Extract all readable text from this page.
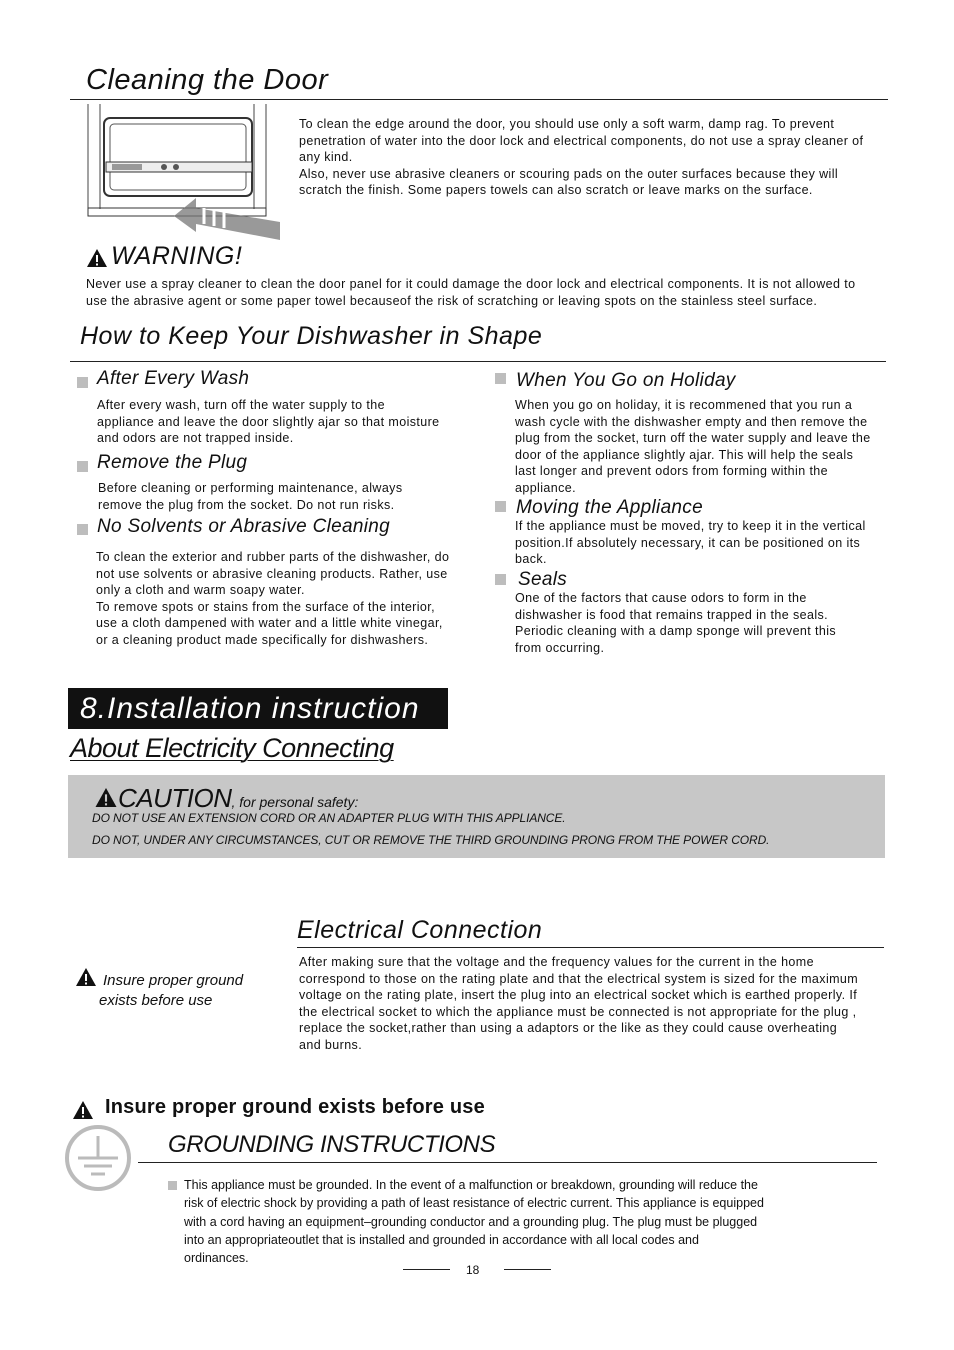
Cleaning the Door

To clean the edge around the door, you should use only a soft warm, damp rag. To prevent penetration of water into the door lock and electrical components, do not use a spray cleaner of any kind.

Also, never use abrasive cleaners or scouring pads on the outer surfaces because they will scratch the finish. Some papers towels can also scratch or leave marks on the surface.

WARNING!
Never use a spray cleaner to clean the door panel for it could damage the door lock and electrical components. It is not allowed to use the abrasive agent or some paper towel becauseof the risk of scratching or leaving spots on the stainless steel surface.
How to Keep Your Dishwasher in Shape
After Every Wash
After every wash, turn off the water supply to the appliance and leave the door slightly ajar so that moisture and odors are not trapped inside.
Remove the Plug
Before cleaning or performing maintenance, always remove the plug from the socket. Do not run risks.
No Solvents or Abrasive Cleaning

To clean the exterior and rubber parts of the dishwasher, do not use solvents or abrasive cleaning products. Rather, use only a cloth and warm soapy water.

To remove spots or stains from the surface of the interior, use a cloth dampened with water and a little white vinegar, or a cleaning product made specifically for dishwashers.

When You Go on Holiday
When you go on holiday, it is recommened that you run a wash cycle with the dishwasher empty and then remove the plug from the socket, turn off the water supply and leave the door of the appliance slightly ajar. This will help the seals last longer and prevent odors from forming within the appliance.
Moving the Appliance
If the appliance must be moved, try to keep it in the vertical position.If absolutely necessary, it can be positioned on its back.
Seals
One of the factors that cause odors to form in the dishwasher is food that remains trapped in the seals. Periodic cleaning with a damp sponge will prevent this from occurring.
8.Installation instruction
About Electricity Connecting
CAUTION, for personal safety:
DO NOT USE AN EXTENSION CORD OR AN ADAPTER PLUG WITH THIS APPLIANCE.
DO NOT, UNDER ANY CIRCUMSTANCES, CUT OR REMOVE THE THIRD GROUNDING PRONG FROM THE POWER CORD.
Electrical Connection
Insure proper ground
exists before use
After making sure that the voltage and the frequency values for the current in the home correspond to those on the rating plate and that the electrical system is sized for the maximum voltage on the rating plate, insert the plug into an electrical socket which is earthed properly. If the electrical socket to which the appliance must be connected is not appropriate for the plug , replace the socket,rather than using a adaptors or the like as they could cause overheating and burns.
Insure proper ground exists before use
GROUNDING INSTRUCTIONS
This appliance must be grounded. In the event of a malfunction or breakdown, grounding will reduce the risk of electric shock by providing a path of least resistance of electric current. This appliance is equipped with a cord having an equipment–grounding conductor and a grounding plug. The plug must be plugged into an appropriateoutlet that is installed and grounded in accordance with all local codes and ordinances.
18
